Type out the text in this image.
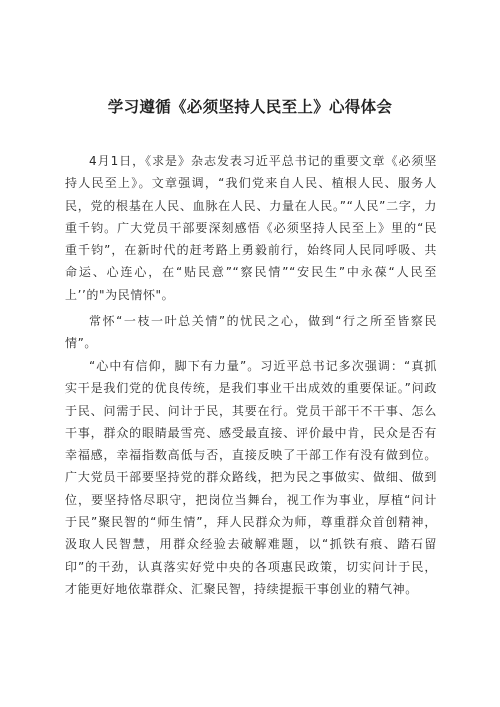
学习遵循《必须坚持人民至上》心得体会

4月1日，《求是》杂志发表习近平总书记的重要文章《必须坚持人民至上》。文章强调，“我们党来自人民、植根人民、服务人民，党的根基在人民、血脉在人民、力量在人民。”“人民”二字，力重千钧。广大党员干部要深刻感悟《必须坚持人民至上》里的“民重千钧”，在新时代的赶考路上勇毅前行，始终同人民同呼吸、共命运、心连心，在“贴民意”“察民情”“安民生”中永葆“人民至上’’的"为民情怀"。

常怀“一枝一叶总关情”的忧民之心，做到“行之所至皆察民情”。

“心中有信仰，脚下有力量”。习近平总书记多次强调：“真抓实干是我们党的优良传统，是我们事业干出成效的重要保证。”问政于民、问需于民、问计于民，其要在行。党员干部干不干事、怎么干事，群众的眼睛最雪亮、感受最直接、评价最中肯，民众是否有幸福感，幸福指数高低与否，直接反映了干部工作有没有做到位。广大党员干部要坚持党的群众路线，把为民之事做实、做细、做到位，要坚持恪尽职守，把岗位当舞台，视工作为事业，厚植“问计于民”聚民智的“师生情”，拜人民群众为师，尊重群众首创精神，汲取人民智慧，用群众经验去破解难题，以“抓铁有痕、踏石留印”的干劲，认真落实好党中央的各项惠民政策，切实问计于民，才能更好地依靠群众、汇聚民智，持续提振干事创业的精气神。
